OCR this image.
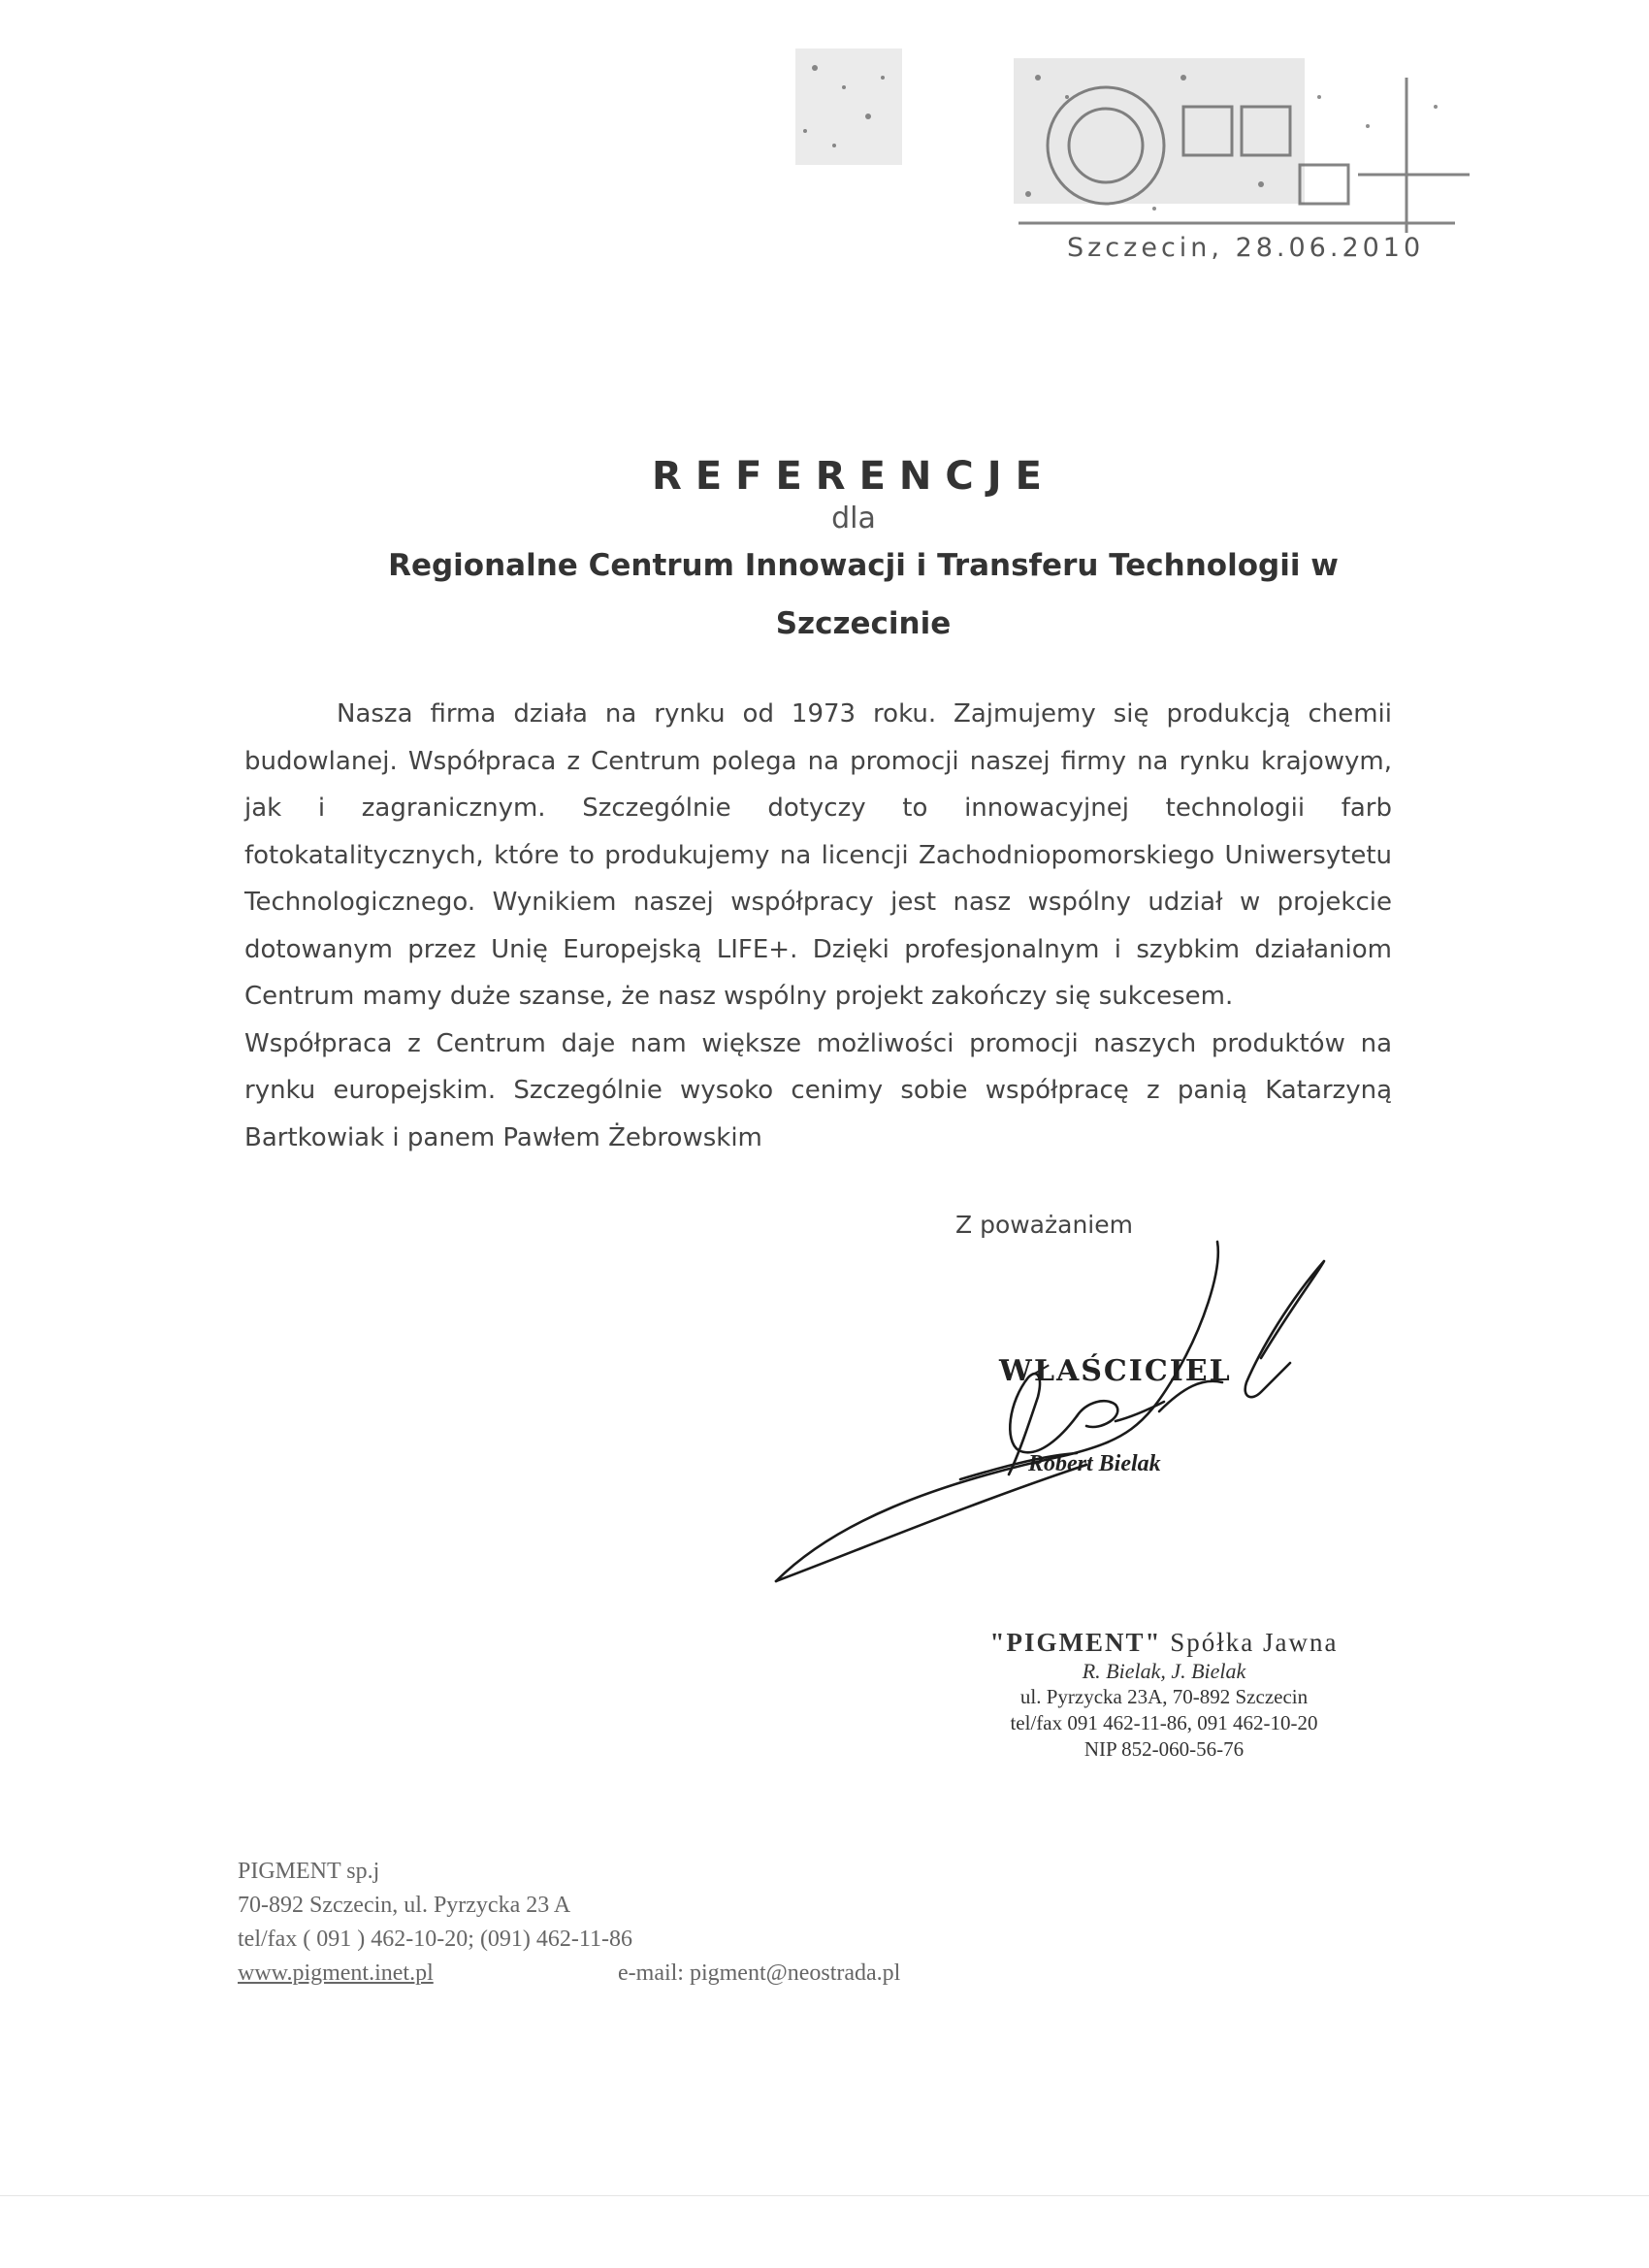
Szczecin, 28.06.2010
REFERENCJE
dla
Regionalne Centrum Innowacji i Transferu Technologii w
Szczecinie

Nasza firma działa na rynku od 1973 roku. Zajmujemy się produkcją chemii budowlanej. Współpraca z Centrum polega na promocji naszej firmy na rynku krajowym, jak i zagranicznym. Szczególnie dotyczy to innowacyjnej technologii farb fotokatalitycznych, które to produkujemy na licencji Zachodniopomorskiego Uniwersytetu Technologicznego. Wynikiem naszej współpracy jest nasz wspólny udział w projekcie dotowanym przez Unię Europejską LIFE+. Dzięki profesjonalnym i szybkim działaniom Centrum mamy duże szanse, że nasz wspólny projekt zakończy się sukcesem.

Współpraca z Centrum daje nam większe możliwości promocji naszych produktów na rynku europejskim. Szczególnie wysoko cenimy sobie współpracę z panią Katarzyną Bartkowiak i panem Pawłem Żebrowskim

Z poważaniem
WŁAŚCICIEL
Robert Bielak
"PIGMENT" Spółka Jawna
R. Bielak, J. Bielak
ul. Pyrzycka 23A, 70-892 Szczecin
tel/fax 091 462-11-86, 091 462-10-20
NIP 852-060-56-76
PIGMENT sp.j
70-892 Szczecin, ul. Pyrzycka 23 A
tel/fax ( 091 ) 462-10-20; (091) 462-11-86
www.pigment.inet.pl	e-mail: pigment@neostrada.pl
